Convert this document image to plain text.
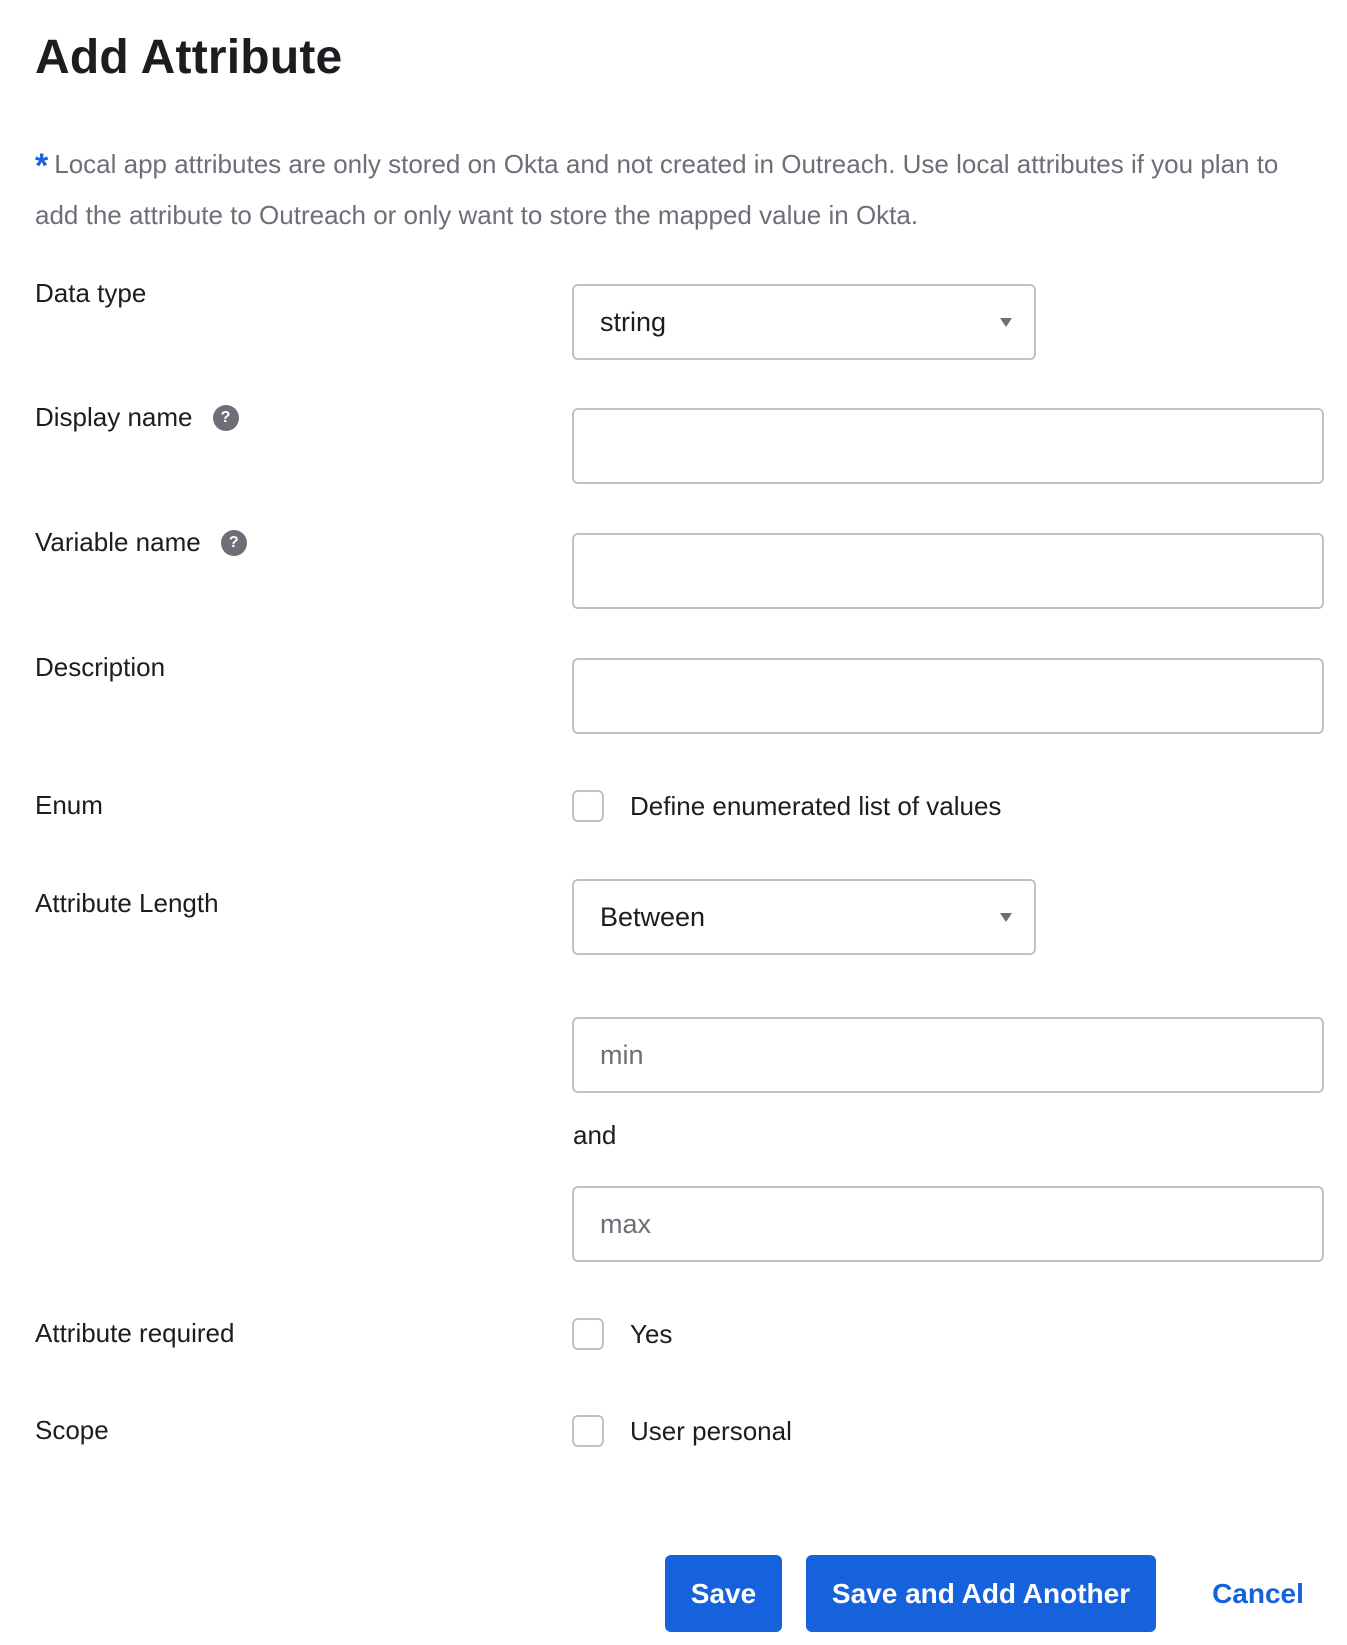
Add Attribute

* Local app attributes are only stored on Okta and not created in Outreach. Use local attributes if you plan to add the attribute to Outreach or only want to store the mapped value in Okta.

Data type
string
Display name	?
Variable name	?
Description
Enum	Define enumerated list of values
Attribute Length	Between
min
and
max
Attribute required	Yes
Scope	User personal
Save	Save and Add Another	Cancel
